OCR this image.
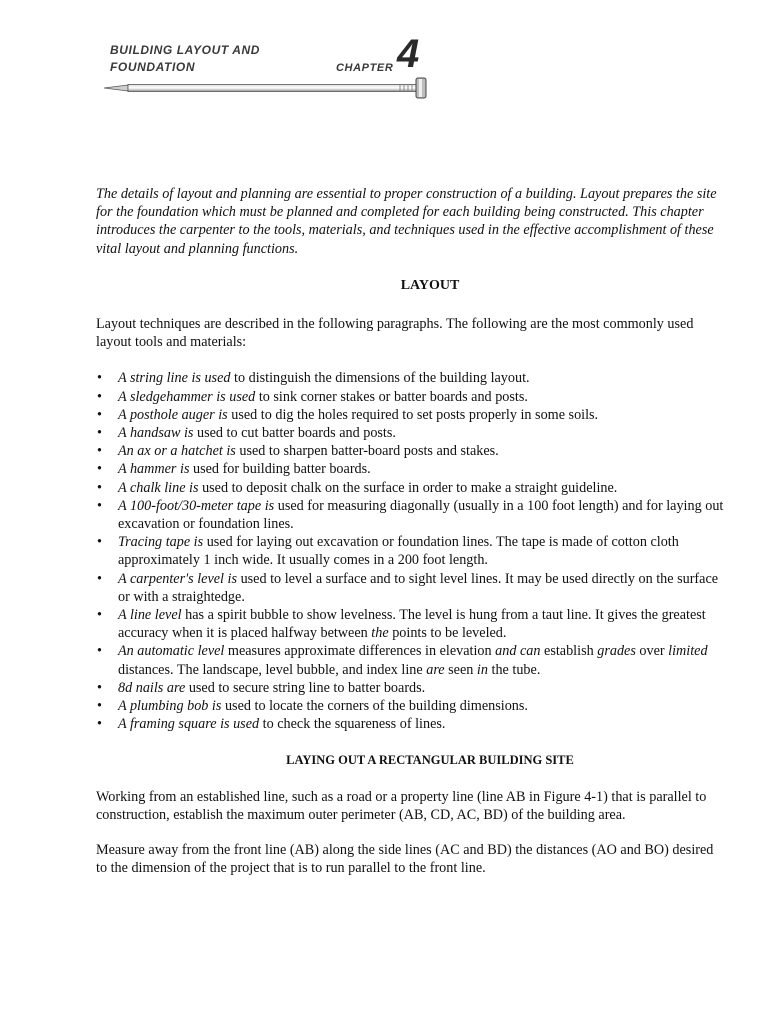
BUILDING LAYOUT AND
FOUNDATION	CHAPTER 4

The details of layout and planning are essential to proper construction of a building. Layout prepares the site
for the foundation which must be planned and completed for each building being constructed. This chapter
introduces the carpenter to the tools, materials, and techniques used in the effective accomplishment of these
vital layout and planning functions.

LAYOUT

Layout techniques are described in the following paragraphs. The following are the most commonly used
layout tools and materials:

• A string line is used to distinguish the dimensions of the building layout.
• A sledgehammer is used to sink corner stakes or batter boards and posts.
• A posthole auger is used to dig the holes required to set posts properly in some soils.
• A handsaw is used to cut batter boards and posts.
• An ax or a hatchet is used to sharpen batter-board posts and stakes.
• A hammer is used for building batter boards.
• A chalk line is used to deposit chalk on the surface in order to make a straight guideline.
• A 100-foot/30-meter tape is used for measuring diagonally (usually in a 100 foot length) and for laying out
excavation or foundation lines.
• Tracing tape is used for laying out excavation or foundation lines. The tape is made of cotton cloth
approximately 1 inch wide. It usually comes in a 200 foot length.
• A carpenter's level is used to level a surface and to sight level lines. It may be used directly on the surface
or with a straightedge.
• A line level has a spirit bubble to show levelness. The level is hung from a taut line. It gives the greatest
accuracy when it is placed halfway between the points to be leveled.
• An automatic level measures approximate differences in elevation and can establish grades over limited
distances. The landscape, level bubble, and index line are seen in the tube.
• 8d nails are used to secure string line to batter boards.
• A plumbing bob is used to locate the corners of the building dimensions.
• A framing square is used to check the squareness of lines.
LAYING OUT A RECTANGULAR BUILDING SITE

Working from an established line, such as a road or a property line (line AB in Figure 4-1) that is parallel to
construction, establish the maximum outer perimeter (AB, CD, AC, BD) of the building area.

Measure away from the front line (AB) along the side lines (AC and BD) the distances (AO and BO) desired
to the dimension of the project that is to run parallel to the front line.
